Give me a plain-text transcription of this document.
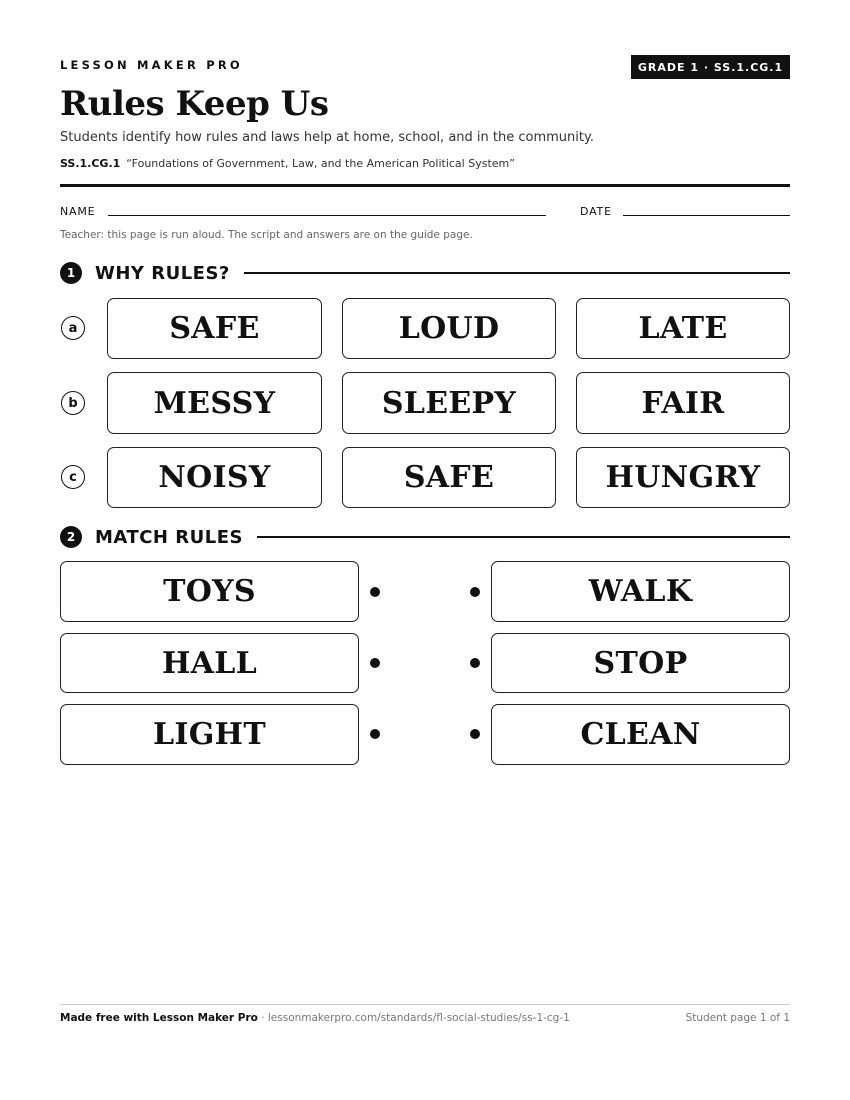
LESSON MAKER PRO	GRADE 1 · SS.1.CG.1
Rules Keep Us
Students identify how rules and laws help at home, school, and in the community.
SS.1.CG.1 “Foundations of Government, Law, and the American Political System”
NAME	DATE
Teacher: this page is run aloud. The script and answers are on the guide page.
1	WHY RULES?
a	SAFE	LOUD	LATE
b	MESSY	SLEEPY	FAIR
c	NOISY	SAFE	HUNGRY
2	MATCH RULES
TOYS	WALK
HALL	STOP
LIGHT	CLEAN
Made free with Lesson Maker Pro · lessonmakerpro.com/standards/fl-social-studies/ss-1-cg-1	Student page 1 of 1
